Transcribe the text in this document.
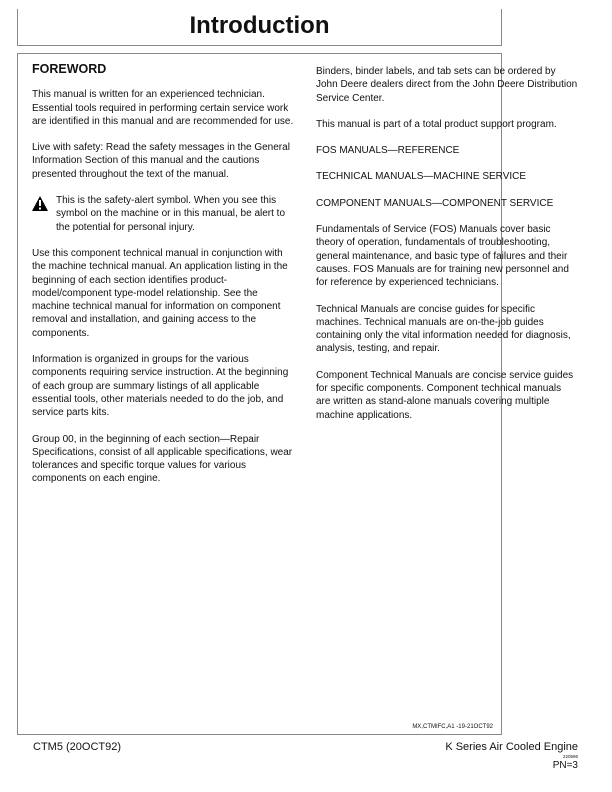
Introduction
FOREWORD

This manual is written for an experienced technician. Essential tools required in performing certain service work are identified in this manual and are recommended for use.

Live with safety: Read the safety messages in the General Information Section of this manual and the cautions presented throughout the text of the manual.

This is the safety-alert symbol. When you see this symbol on the machine or in this manual, be alert to the potential for personal injury.

Use this component technical manual in conjunction with the machine technical manual. An application listing in the beginning of each section identifies product-model/component type-model relationship. See the machine technical manual for information on component removal and installation, and gaining access to the components.

Information is organized in groups for the various components requiring service instruction. At the beginning of each group are summary listings of all applicable essential tools, other materials needed to do the job, and service parts kits.

Group 00, in the beginning of each section—Repair Specifications, consist of all applicable specifications, wear tolerances and specific torque values for various components on each engine.

Binders, binder labels, and tab sets can be ordered by John Deere dealers direct from the John Deere Distribution Service Center.

This manual is part of a total product support program.

FOS MANUALS—REFERENCE

TECHNICAL MANUALS—MACHINE SERVICE

COMPONENT MANUALS—COMPONENT SERVICE

Fundamentals of Service (FOS) Manuals cover basic theory of operation, fundamentals of troubleshooting, general maintenance, and basic type of failures and their causes. FOS Manuals are for training new personnel and for reference by experienced technicians.

Technical Manuals are concise guides for specific machines. Technical manuals are on-the-job guides containing only the vital information needed for diagnosis, analysis, testing, and repair.

Component Technical Manuals are concise service guides for specific components. Component technical manuals are written as stand-alone manuals covering multiple machine applications.

MX,CTMIFC,A1 -19-21OCT92
CTM5 (20OCT92)	K Series Air Cooled Engine
220596
PN=3
